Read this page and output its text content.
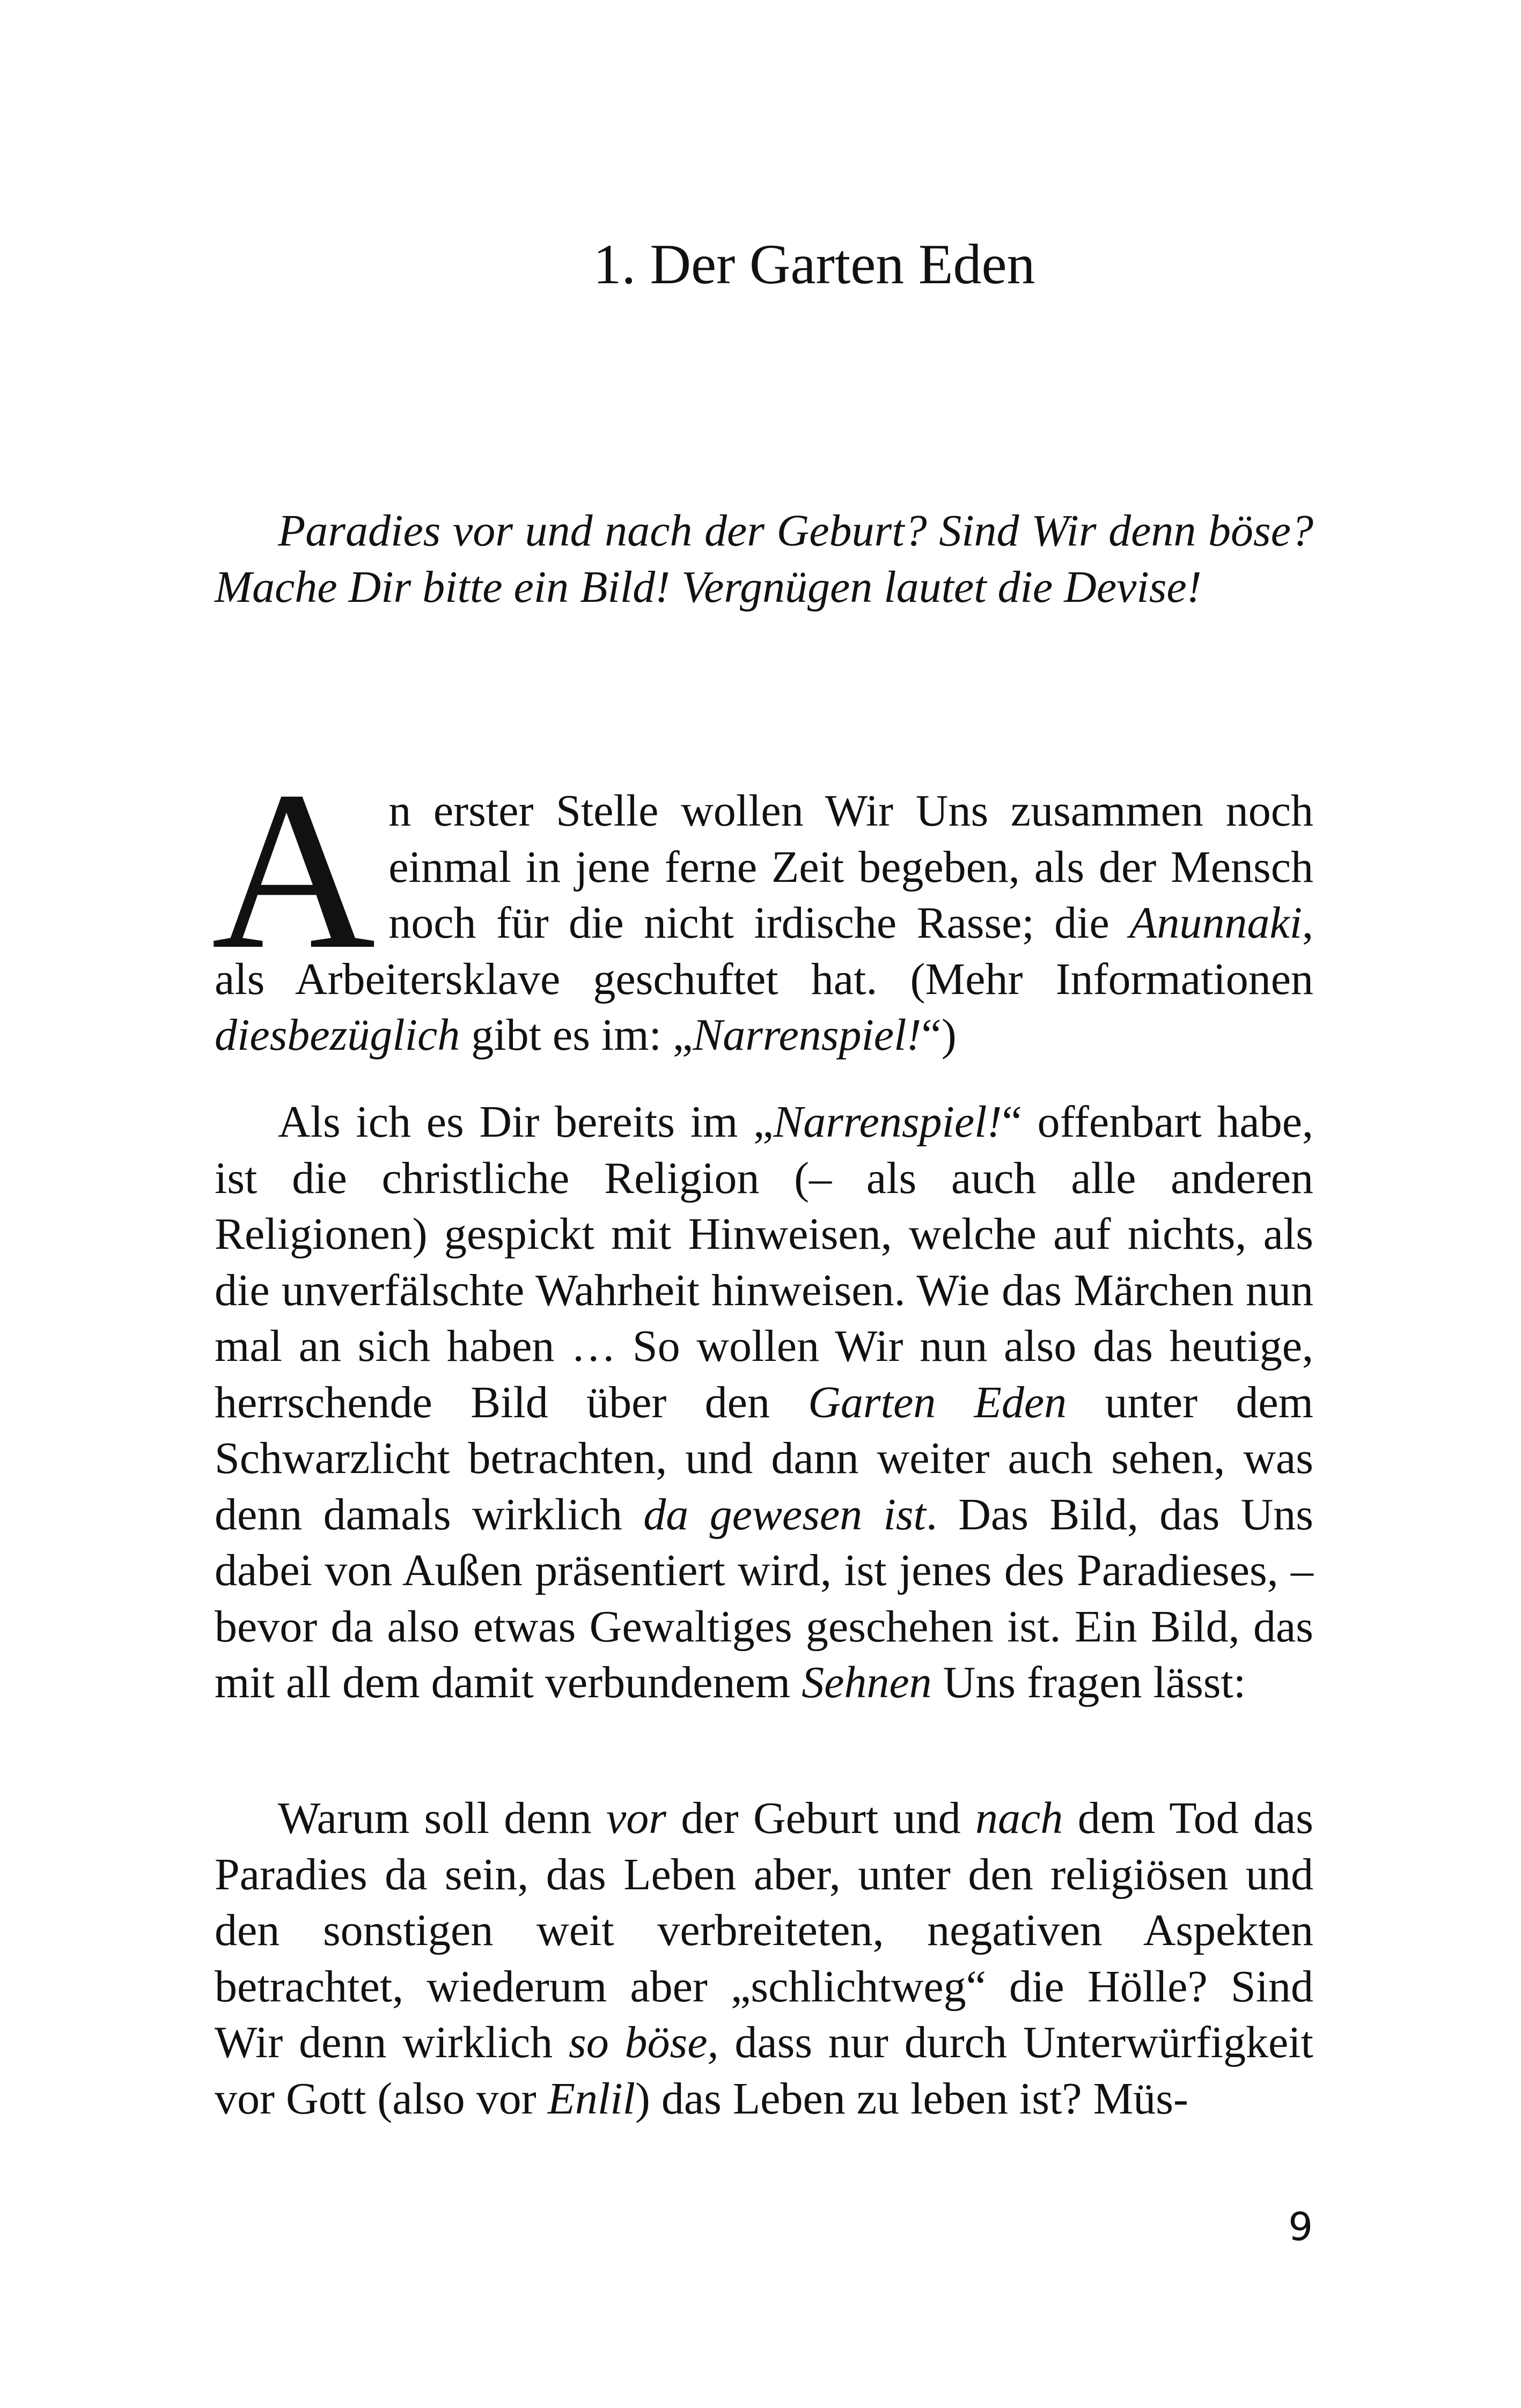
1. Der Garten Eden

Paradies vor und nach der Geburt? Sind Wir denn böse? Mache Dir bitte ein Bild! Vergnügen lautet die Devise!

A n erster Stelle wollen Wir Uns zusammen noch einmal in jene ferne Zeit begeben, als der Mensch noch für die nicht irdische Rasse; die Anunnaki, als Arbeitersklave geschuftet hat. (Mehr Informationen diesbezüglich gibt es im: „Narrenspiel!“)

Als ich es Dir bereits im „Narrenspiel!“ offenbart habe, ist die christliche Religion (– als auch alle anderen Religionen) gespickt mit Hinweisen, welche auf nichts, als die unverfälschte Wahrheit hinweisen. Wie das Märchen nun mal an sich haben … So wollen Wir nun also das heutige, herrschende Bild über den Garten Eden unter dem Schwarzlicht betrachten, und dann weiter auch sehen, was denn damals wirklich da gewesen ist. Das Bild, das Uns dabei von Außen präsentiert wird, ist jenes des Paradieses, – bevor da also etwas Gewaltiges geschehen ist. Ein Bild, das mit all dem damit verbundenem Sehnen Uns fragen lässt:

Warum soll denn vor der Geburt und nach dem Tod das Paradies da sein, das Leben aber, unter den religiösen und den sonstigen weit verbreiteten, negativen Aspekten betrachtet, wiederum aber „schlichtweg“ die Hölle? Sind Wir denn wirklich so böse, dass nur durch Unterwürfigkeit vor Gott (also vor Enlil) das Leben zu leben ist? Müs-

9
